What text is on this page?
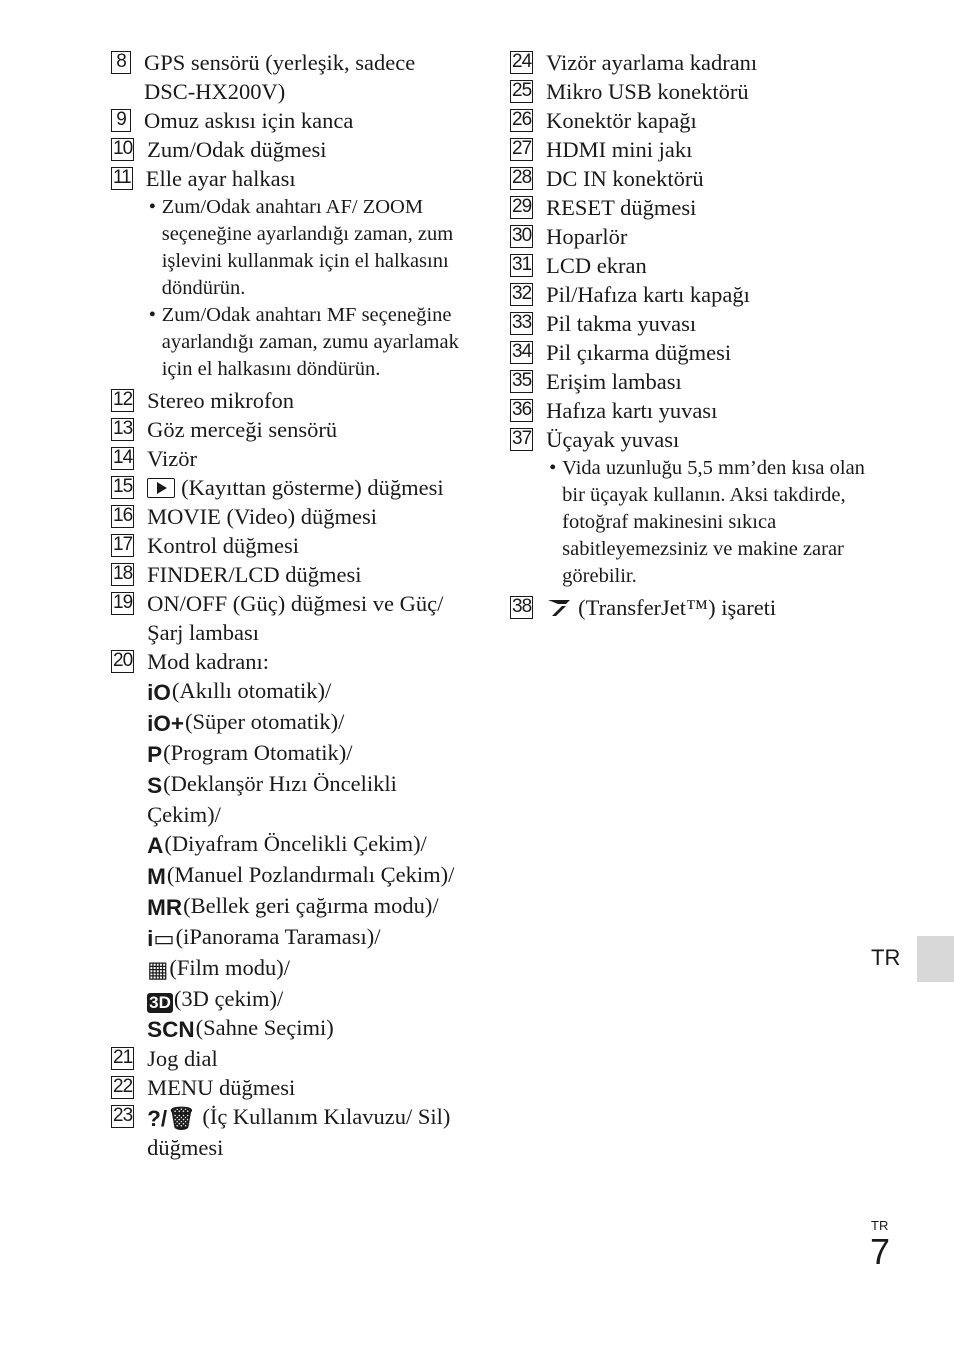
8 GPS sensörü (yerleşik, sadece DSC-HX200V)
9 Omuz askısı için kanca
10 Zum/Odak düğmesi
11 Elle ayar halkası
• Zum/Odak anahtarı AF/ ZOOM seçeneğine ayarlandığı zaman, zum işlevini kullanmak için el halkasını döndürün.
• Zum/Odak anahtarı MF seçeneğine ayarlandığı zaman, zumu ayarlamak için el halkasını döndürün.
12 Stereo mikrofon
13 Göz merceği sensörü
14 Vizör
15	(Kayıttan gösterme) düğmesi
16 MOVIE (Video) düğmesi
17 Kontrol düğmesi
18 FINDER/LCD düğmesi
19 ON/OFF (Güç) düğmesi ve Güç/Şarj lambası
20 Mod kadranı:
iO(Akıllı otomatik)/
iO+(Süper otomatik)/
P(Program Otomatik)/
S(Deklanşör Hızı Öncelikli Çekim)/
A(Diyafram Öncelikli Çekim)/
M(Manuel Pozlandırmalı Çekim)/
MR(Bellek geri çağırma modu)/
i▭(iPanorama Taraması)/
▦(Film modu)/
3D (3D çekim)/
SCN(Sahne Seçimi)
21 Jog dial
22 MENU düğmesi
23 ?/🗑 (İç Kullanım Kılavuzu/ Sil) düğmesi
24 Vizör ayarlama kadranı
25 Mikro USB konektörü
26 Konektör kapağı
27 HDMI mini jakı
28 DC IN konektörü
29 RESET düğmesi
30 Hoparlör
31 LCD ekran
32 Pil/Hafıza kartı kapağı
33 Pil takma yuvası
34 Pil çıkarma düğmesi
35 Erişim lambası
36 Hafıza kartı yuvası
37 Üçayak yuvası
• Vida uzunluğu 5,5 mm’den kısa olan bir üçayak kullanın. Aksi takdirde, fotoğraf makinesini sıkıca sabitleyemezsiniz ve makine zarar görebilir.
38	(TransferJet™) işareti
TR
TR
7
